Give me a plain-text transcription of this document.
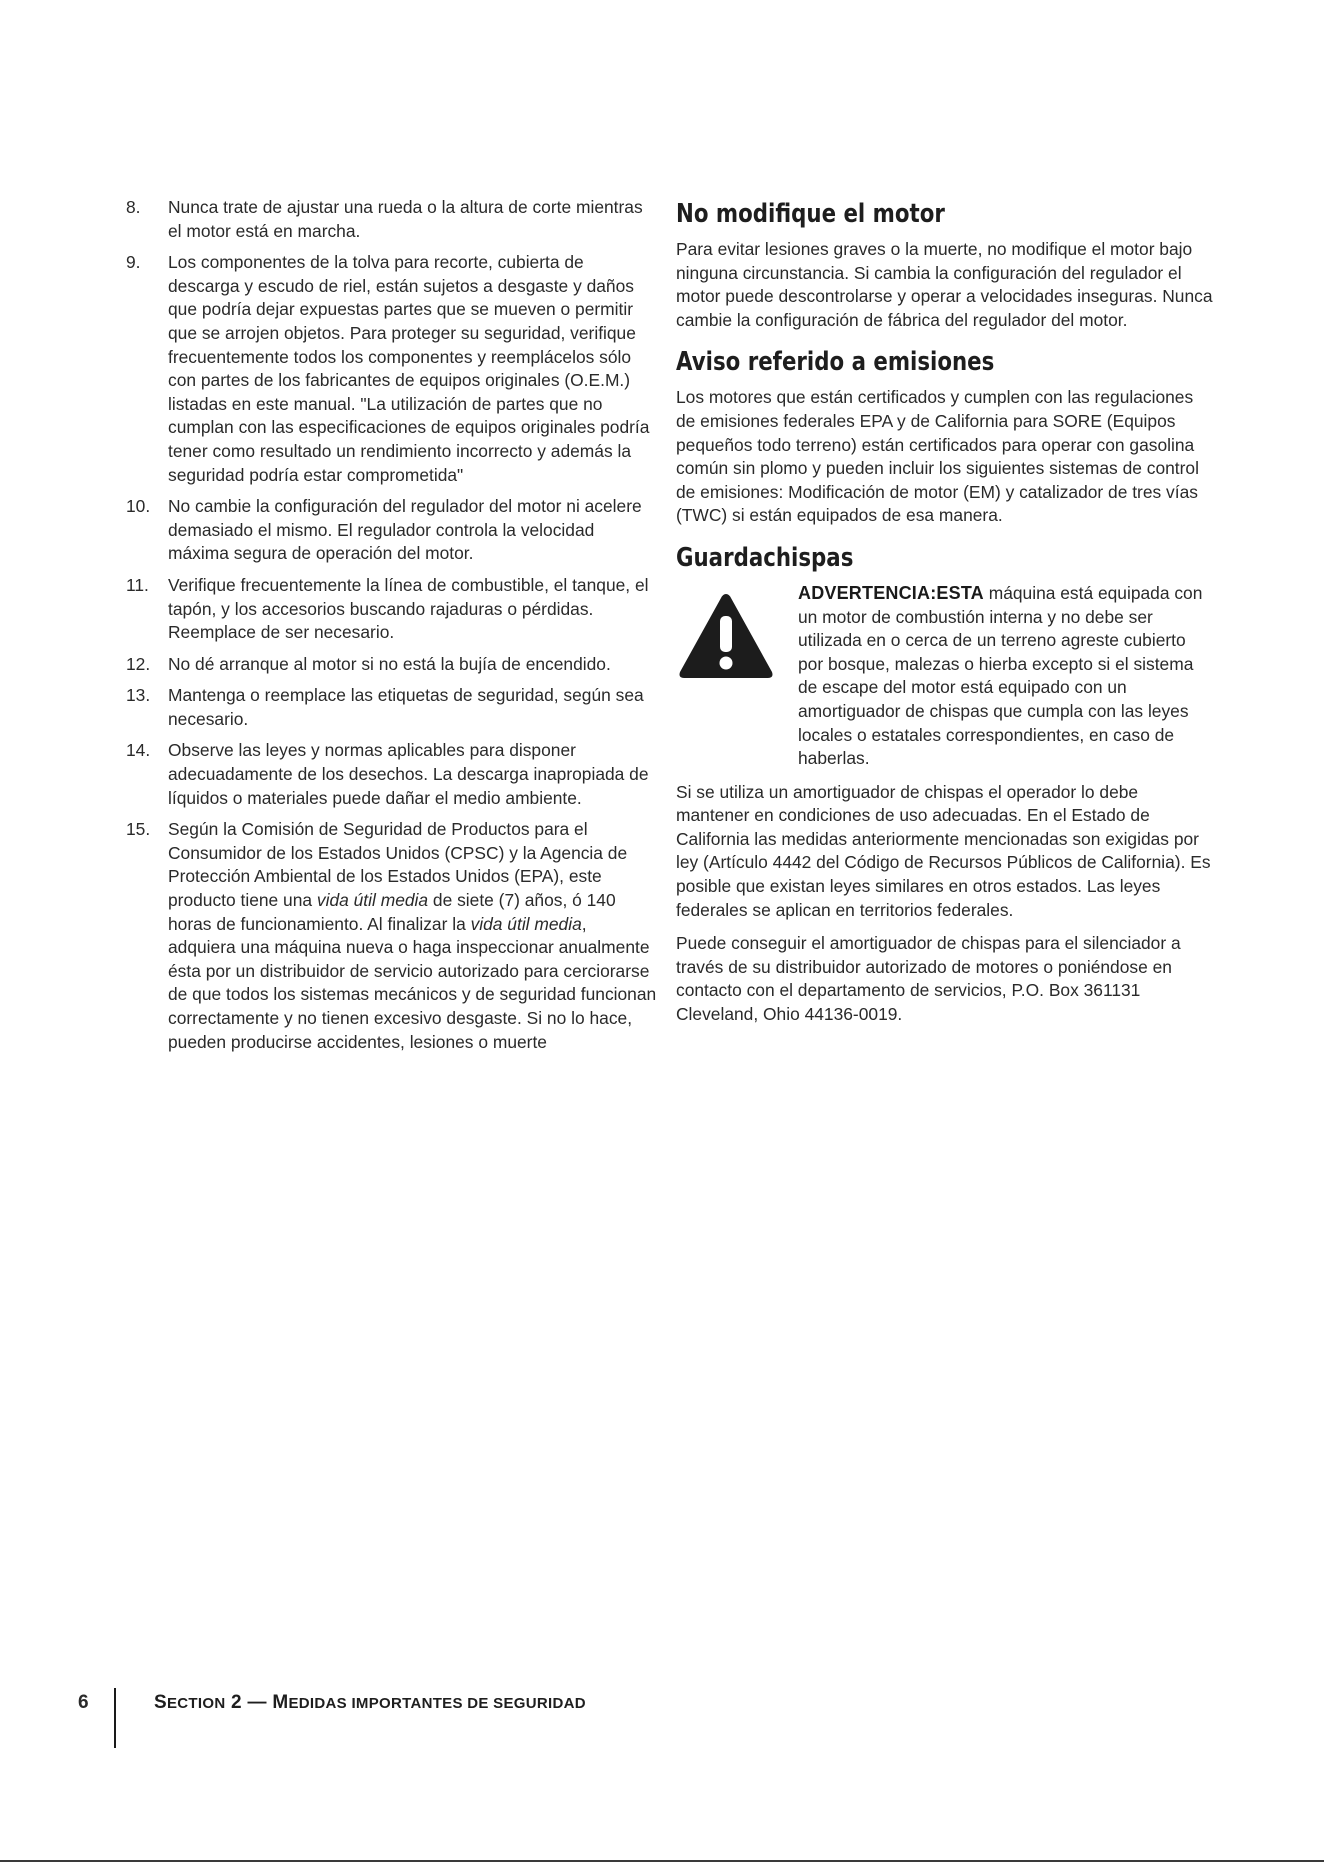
8.	Nunca trate de ajustar una rueda o la altura de corte mientras el motor está en marcha.
9.	Los componentes de la tolva para recorte, cubierta de descarga y escudo de riel, están sujetos a desgaste y daños que podría dejar expuestas partes que se mueven o permitir que se arrojen objetos. Para proteger su seguridad, verifique frecuentemente todos los componentes y reemplácelos sólo con partes de los fabricantes de equipos originales (O.E.M.) listadas en este manual. "La utilización de partes que no cumplan con las especificaciones de equipos originales podría tener como resultado un rendimiento incorrecto y además la seguridad podría estar comprometida"
10.	No cambie la configuración del regulador del motor ni acelere demasiado el mismo. El regulador controla la velocidad máxima segura de operación del motor.
11.	Verifique frecuentemente la línea de combustible, el tanque, el tapón, y los accesorios buscando rajaduras o pérdidas. Reemplace de ser necesario.
12.	No dé arranque al motor si no está la bujía de encendido.
13.	Mantenga o reemplace las etiquetas de seguridad, según sea necesario.
14.	Observe las leyes y normas aplicables para disponer adecuadamente de los desechos. La descarga inapropiada de líquidos o materiales puede dañar el medio ambiente.
15.	Según la Comisión de Seguridad de Productos para el Consumidor de los Estados Unidos (CPSC) y la Agencia de Protección Ambiental de los Estados Unidos (EPA), este producto tiene una vida útil media de siete (7) años, ó 140 horas de funcionamiento. Al finalizar la vida útil media, adquiera una máquina nueva o haga inspeccionar anualmente ésta por un distribuidor de servicio autorizado para cerciorarse de que todos los sistemas mecánicos y de seguridad funcionan correctamente y no tienen excesivo desgaste. Si no lo hace, pueden producirse accidentes, lesiones o muerte
No modifique el motor

Para evitar lesiones graves o la muerte, no modifique el motor bajo ninguna circunstancia. Si cambia la configuración del regulador el motor puede descontrolarse y operar a velocidades inseguras. Nunca cambie la configuración de fábrica del regulador del motor.

Aviso referido a emisiones

Los motores que están certificados y cumplen con las regulaciones de emisiones federales EPA y de California para SORE (Equipos pequeños todo terreno) están certificados para operar con gasolina común sin plomo y pueden incluir los siguientes sistemas de control de emisiones: Modificación de motor (EM) y catalizador de tres vías (TWC) si están equipados de esa manera.

Guardachispas
ADVERTENCIA:ESTA máquina está equipada con un motor de combustión interna y no debe ser utilizada en o cerca de un terreno agreste cubierto por bosque, malezas o hierba excepto si el sistema de escape del motor está equipado con un amortiguador de chispas que cumpla con las leyes locales o estatales correspondientes, en caso de haberlas.

Si se utiliza un amortiguador de chispas el operador lo debe mantener en condiciones de uso adecuadas. En el Estado de California las medidas anteriormente mencionadas son exigidas por ley (Artículo 4442 del Código de Recursos Públicos de California). Es posible que existan leyes similares en otros estados. Las leyes federales se aplican en territorios federales.

Puede conseguir el amortiguador de chispas para el silenciador a través de su distribuidor autorizado de motores o poniéndose en contacto con el departamento de servicios, P.O. Box 361131 Cleveland, Ohio 44136-0019.

6	SECTION 2 — MEDIDAS IMPORTANTES DE SEGURIDAD
